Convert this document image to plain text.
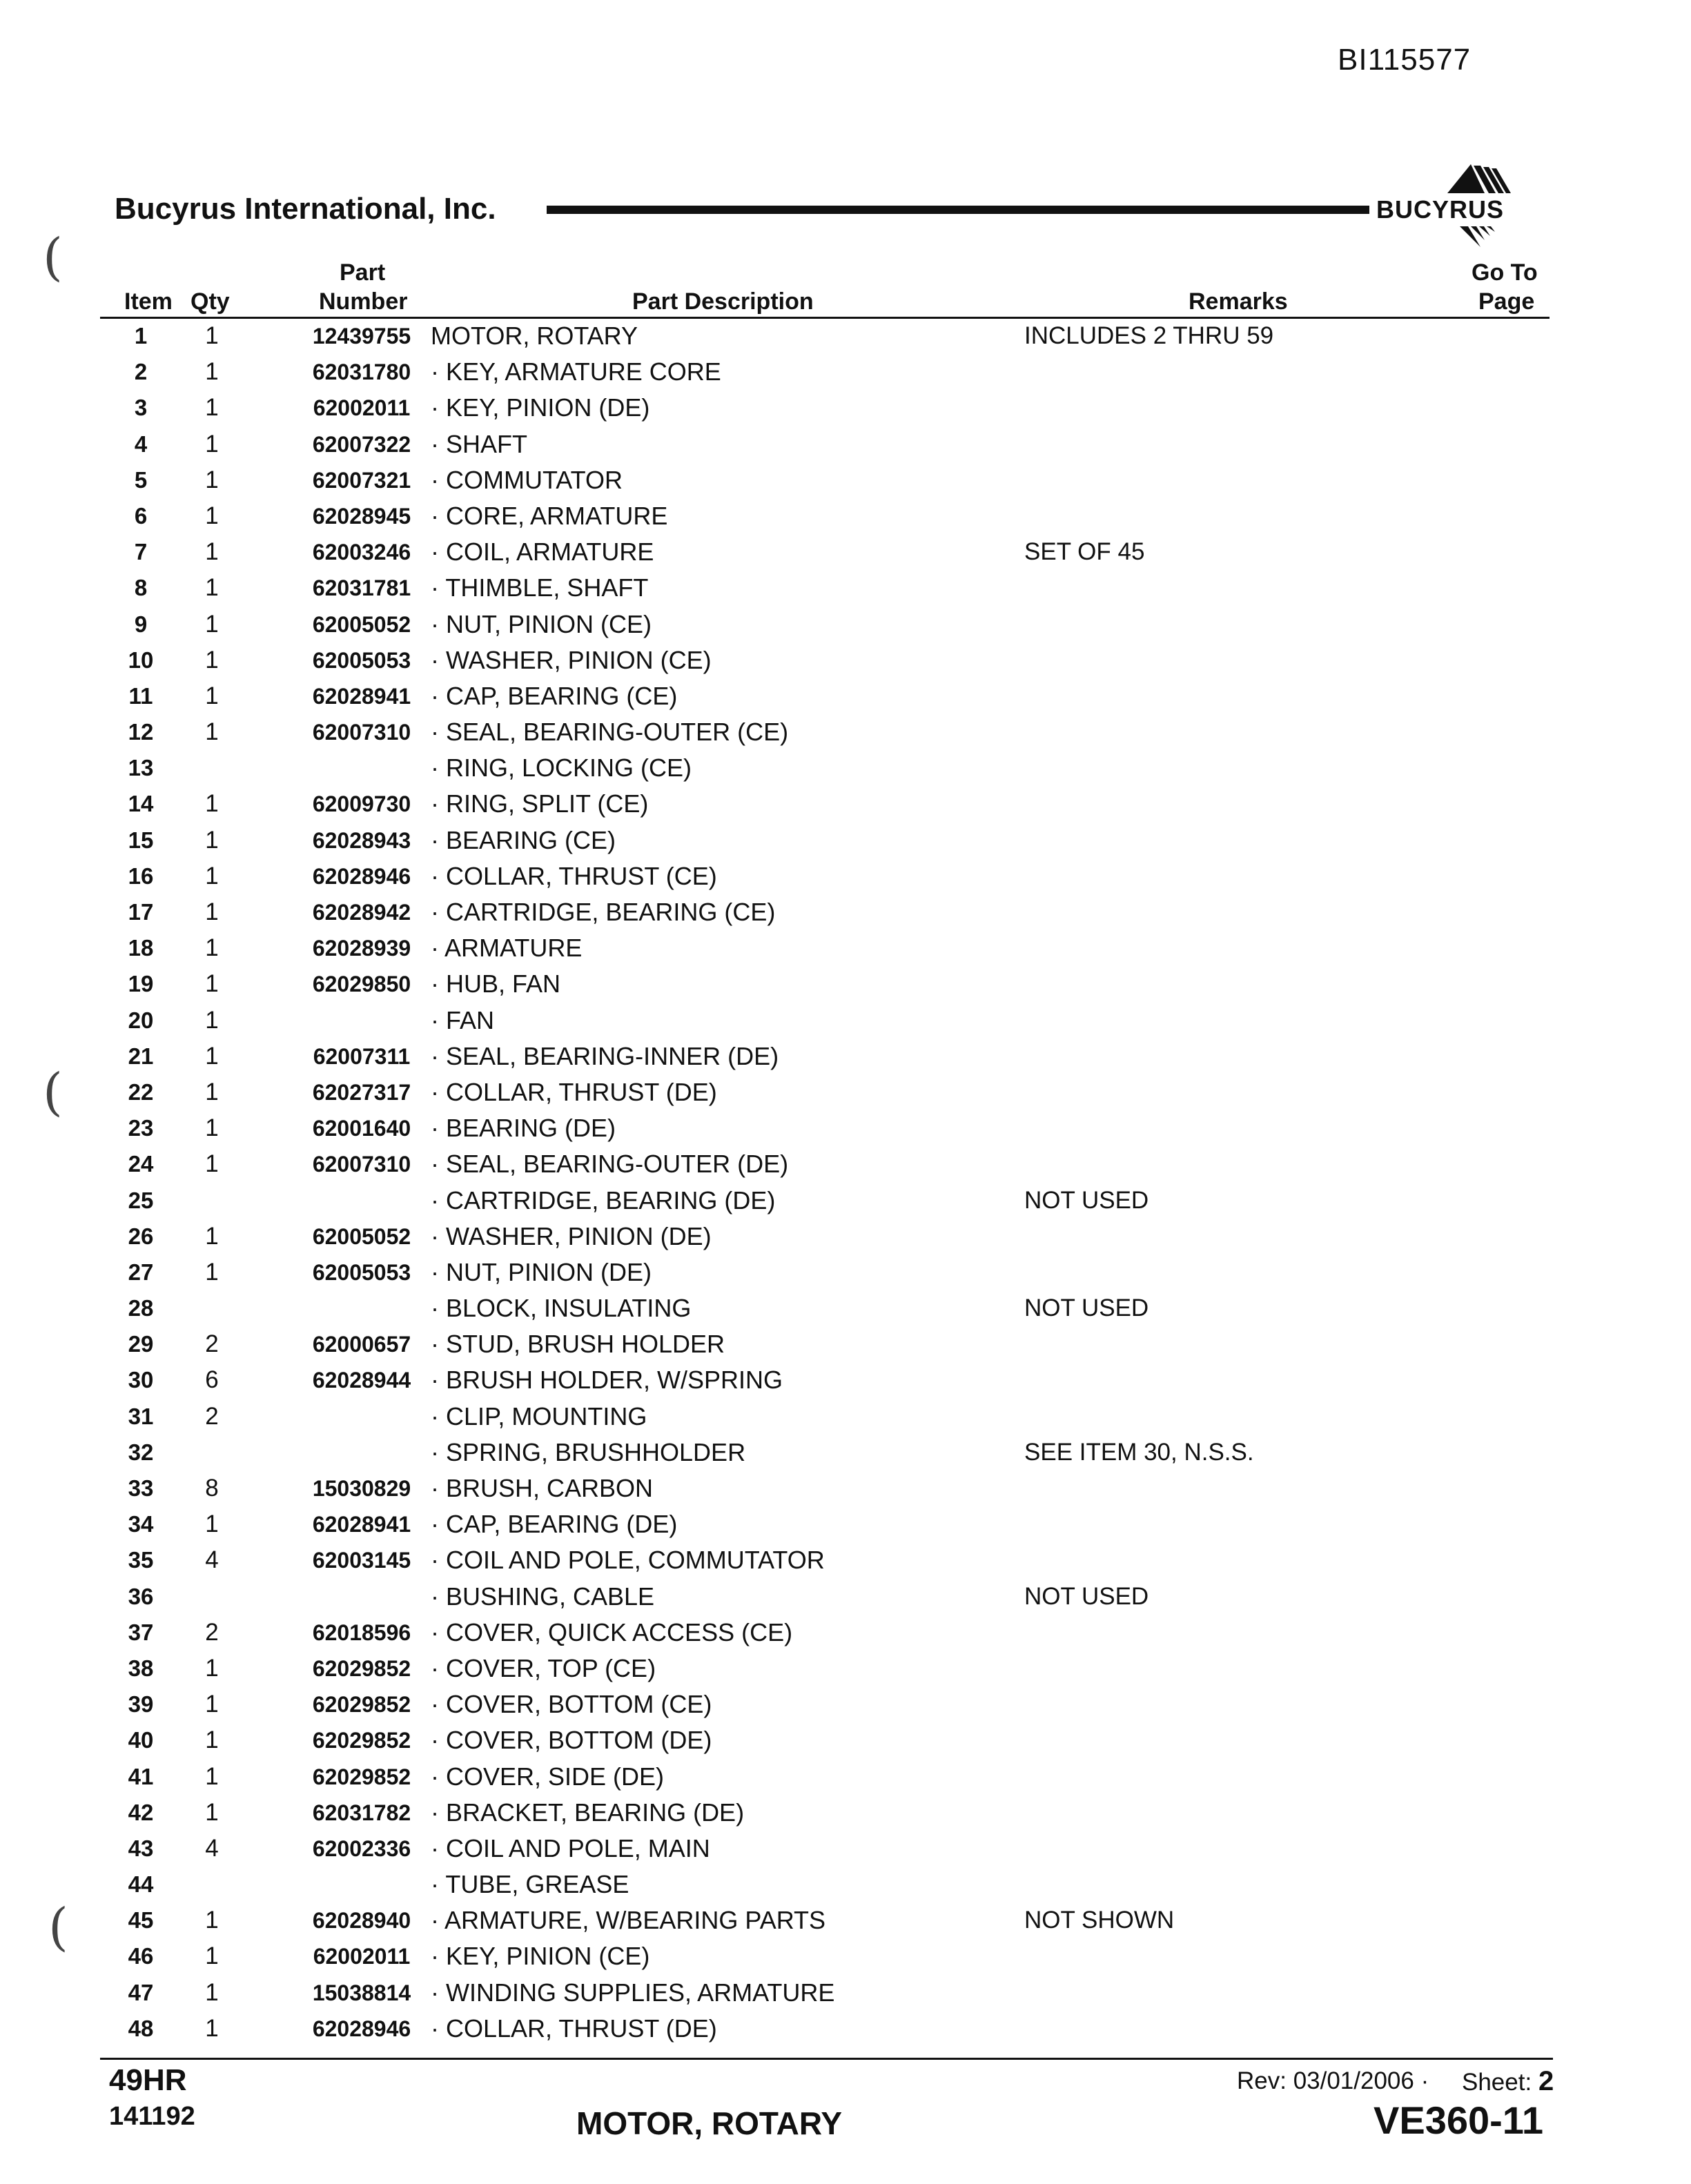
BI115577
Bucyrus International, Inc.	BUCYRUS
Item Qty
Part
Number	Part Description	Remarks
Go To
Page
1	1	12439755 MOTOR, ROTARY	INCLUDES 2 THRU 59
2	1	62031780 · KEY, ARMATURE CORE
3	1	62002011 · KEY, PINION (DE)
4	1	62007322 · SHAFT
5	1	62007321 · COMMUTATOR
6	1	62028945 · CORE, ARMATURE
7	1	62003246 · COIL, ARMATURE	SET OF 45
8	1	62031781 · THIMBLE, SHAFT
9	1	62005052 · NUT, PINION (CE)
10	1	62005053 · WASHER, PINION (CE)
11	1	62028941 · CAP, BEARING (CE)
12	1	62007310 · SEAL, BEARING-OUTER (CE)
13	· RING, LOCKING (CE)
14	1	62009730 · RING, SPLIT (CE)
15	1	62028943 · BEARING (CE)
16	1	62028946 · COLLAR, THRUST (CE)
17	1	62028942 · CARTRIDGE, BEARING (CE)
18	1	62028939 · ARMATURE
19	1	62029850 · HUB, FAN
20	1	· FAN
21	1	62007311 · SEAL, BEARING-INNER (DE)
22	1	62027317 · COLLAR, THRUST (DE)
23	1	62001640 · BEARING (DE)
24	1	62007310 · SEAL, BEARING-OUTER (DE)
25	· CARTRIDGE, BEARING (DE)	NOT USED
26	1	62005052 · WASHER, PINION (DE)
27	1	62005053 · NUT, PINION (DE)
28	· BLOCK, INSULATING	NOT USED
29	2	62000657 · STUD, BRUSH HOLDER
30	6	62028944 · BRUSH HOLDER, W/SPRING
31	2	· CLIP, MOUNTING
32	· SPRING, BRUSHHOLDER	SEE ITEM 30, N.S.S.
33	8	15030829 · BRUSH, CARBON
34	1	62028941 · CAP, BEARING (DE)
35	4	62003145 · COIL AND POLE, COMMUTATOR
36	· BUSHING, CABLE	NOT USED
37	2	62018596 · COVER, QUICK ACCESS (CE)
38	1	62029852 · COVER, TOP (CE)
39	1	62029852 · COVER, BOTTOM (CE)
40	1	62029852 · COVER, BOTTOM (DE)
41	1	62029852 · COVER, SIDE (DE)
42	1	62031782 · BRACKET, BEARING (DE)
43	4	62002336 · COIL AND POLE, MAIN
44	· TUBE, GREASE
45	1	62028940 · ARMATURE, W/BEARING PARTS	NOT SHOWN
46	1	62002011 · KEY, PINION (CE)
47	1	15038814 · WINDING SUPPLIES, ARMATURE
48	1	62028946 · COLLAR, THRUST (DE)
49HR
141192	MOTOR, ROTARY
Rev: 03/01/2006 · Sheet: 2
VE360-11
(
(
(
